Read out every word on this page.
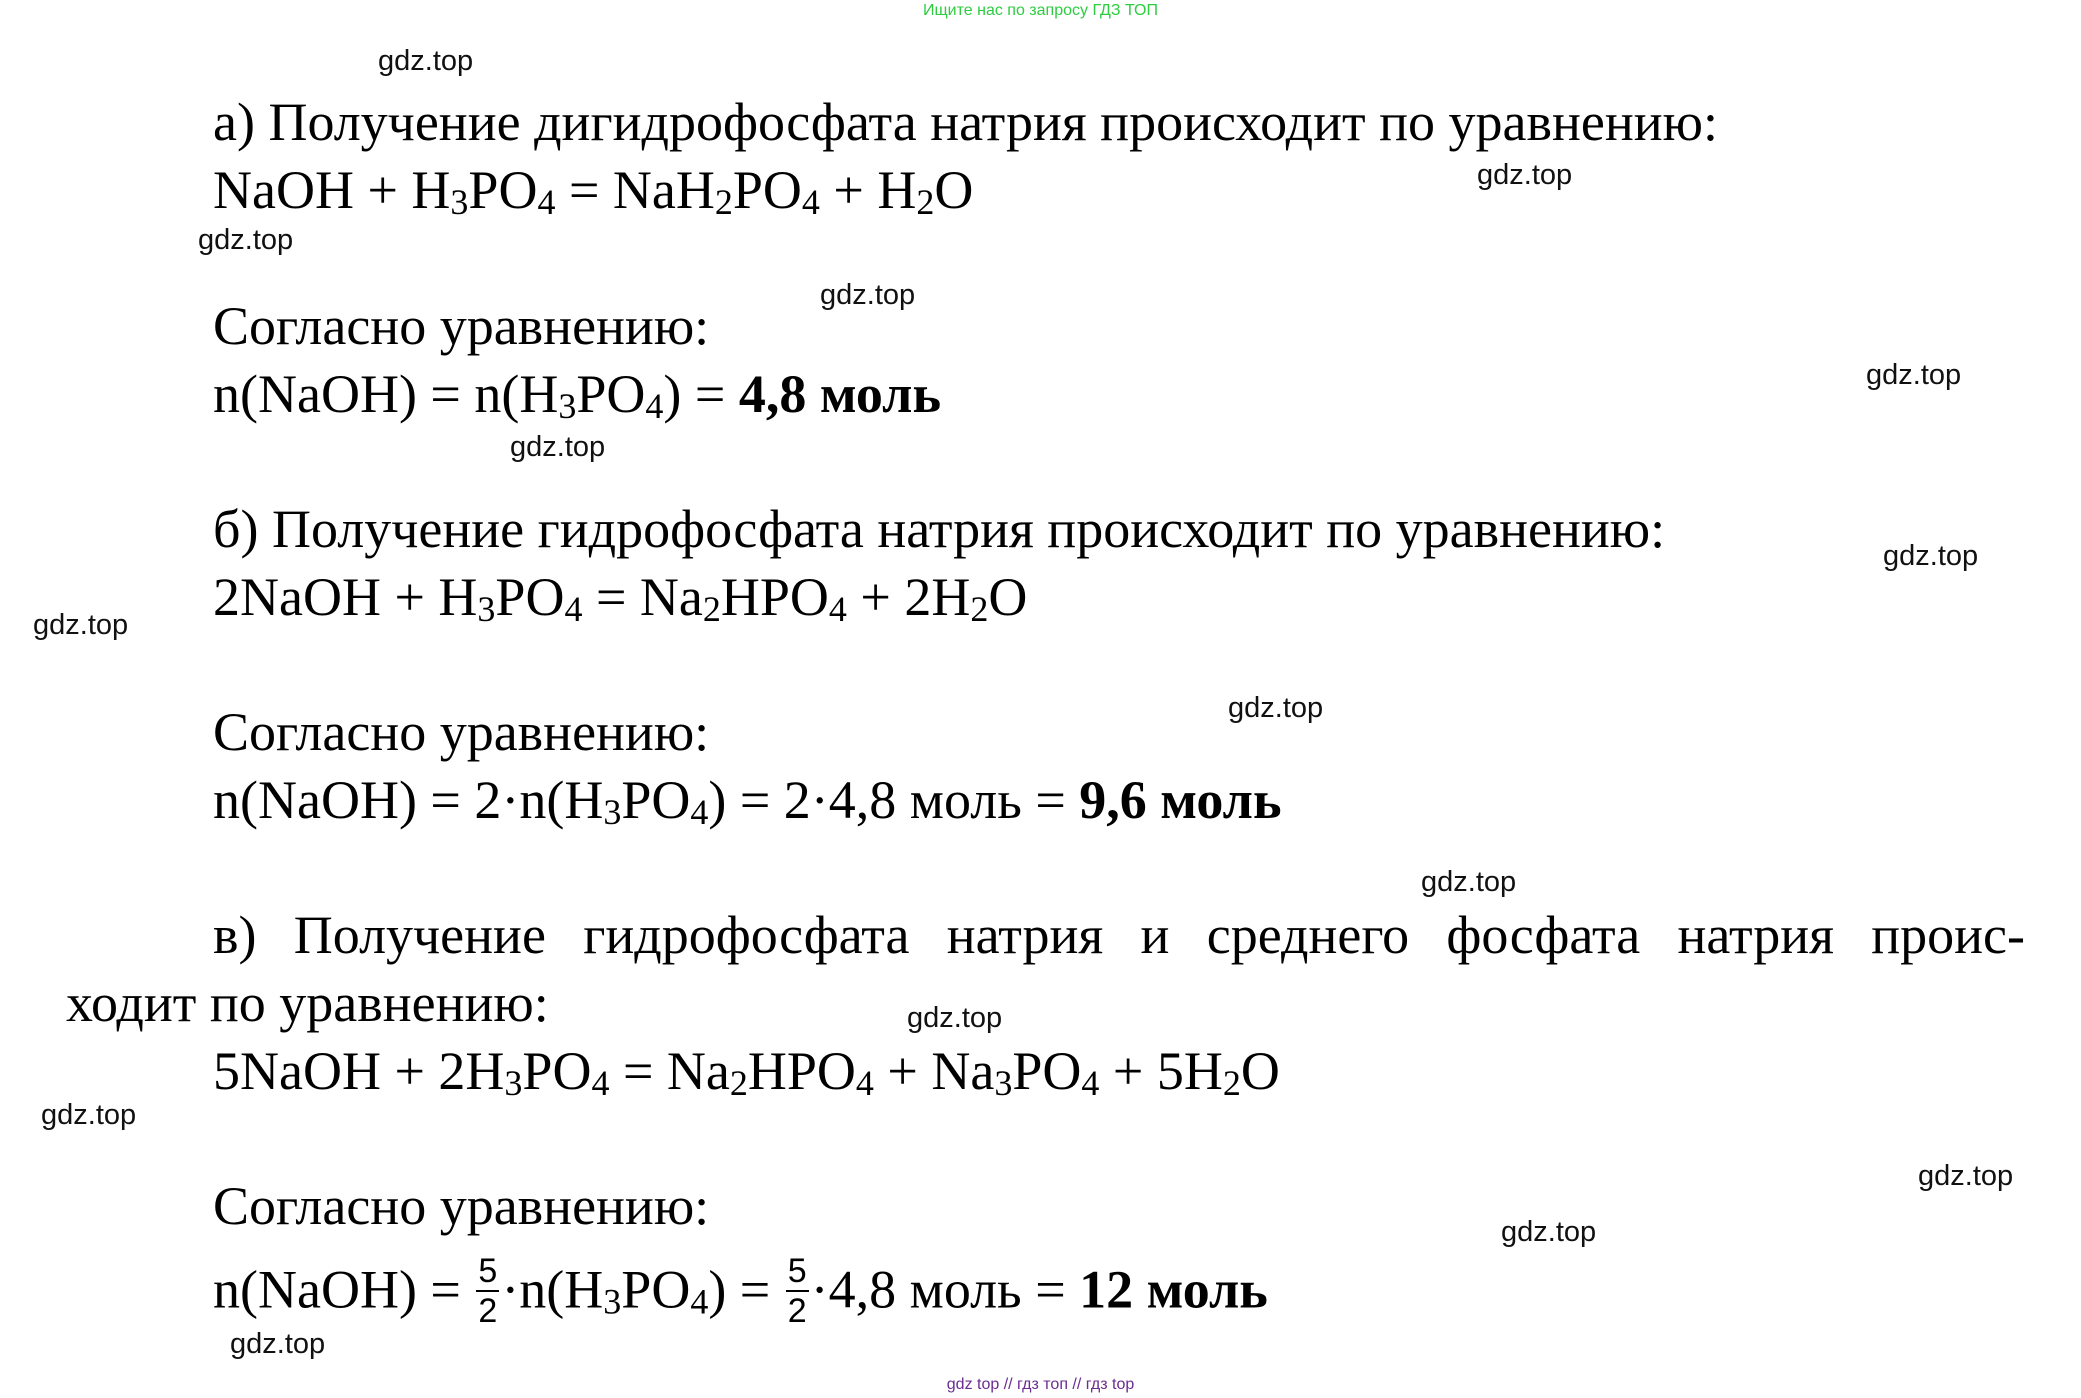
Ищите нас по запросу ГДЗ ТОП
а) Получение дигидрофосфата натрия происходит по уравнению:
NaOH + $H_3PO_4 = NaH_2PO_4 + H_2O$
Согласно уравнению:
n(NaOH) = $n(H_3PO_4) = 4,8$ моль
б) Получение гидрофосфата натрия происходит по уравнению:
2NaOH + $H_3PO_4 = Na_2HPO_4 + 2H_2O$
Согласно уравнению:
n(NaOH) = $2\cdot n(H_3PO_4) = 2\cdot 4,8$ моль = 9,6 моль
в) Получение гидрофосфата натрия и среднего фосфата натрия проис-
ходит по уравнению:
5NaOH + $2H_3PO_4 = Na_2HPO_4 + Na_3PO_4 + 5H_2O$
Согласно уравнению:
n(NaOH) = $\frac{5}{2} \cdot n(H_3PO_4) = \frac{5}{2} \cdot 4,8$ моль = 12 моль
gdz.top
gdz.top
gdz.top
gdz.top
gdz.top
gdz.top
gdz.top
gdz.top
gdz.top
gdz.top
gdz.top
gdz.top
gdz.top
gdz.top
gdz.top
gdz top // гдз топ // гдз top
